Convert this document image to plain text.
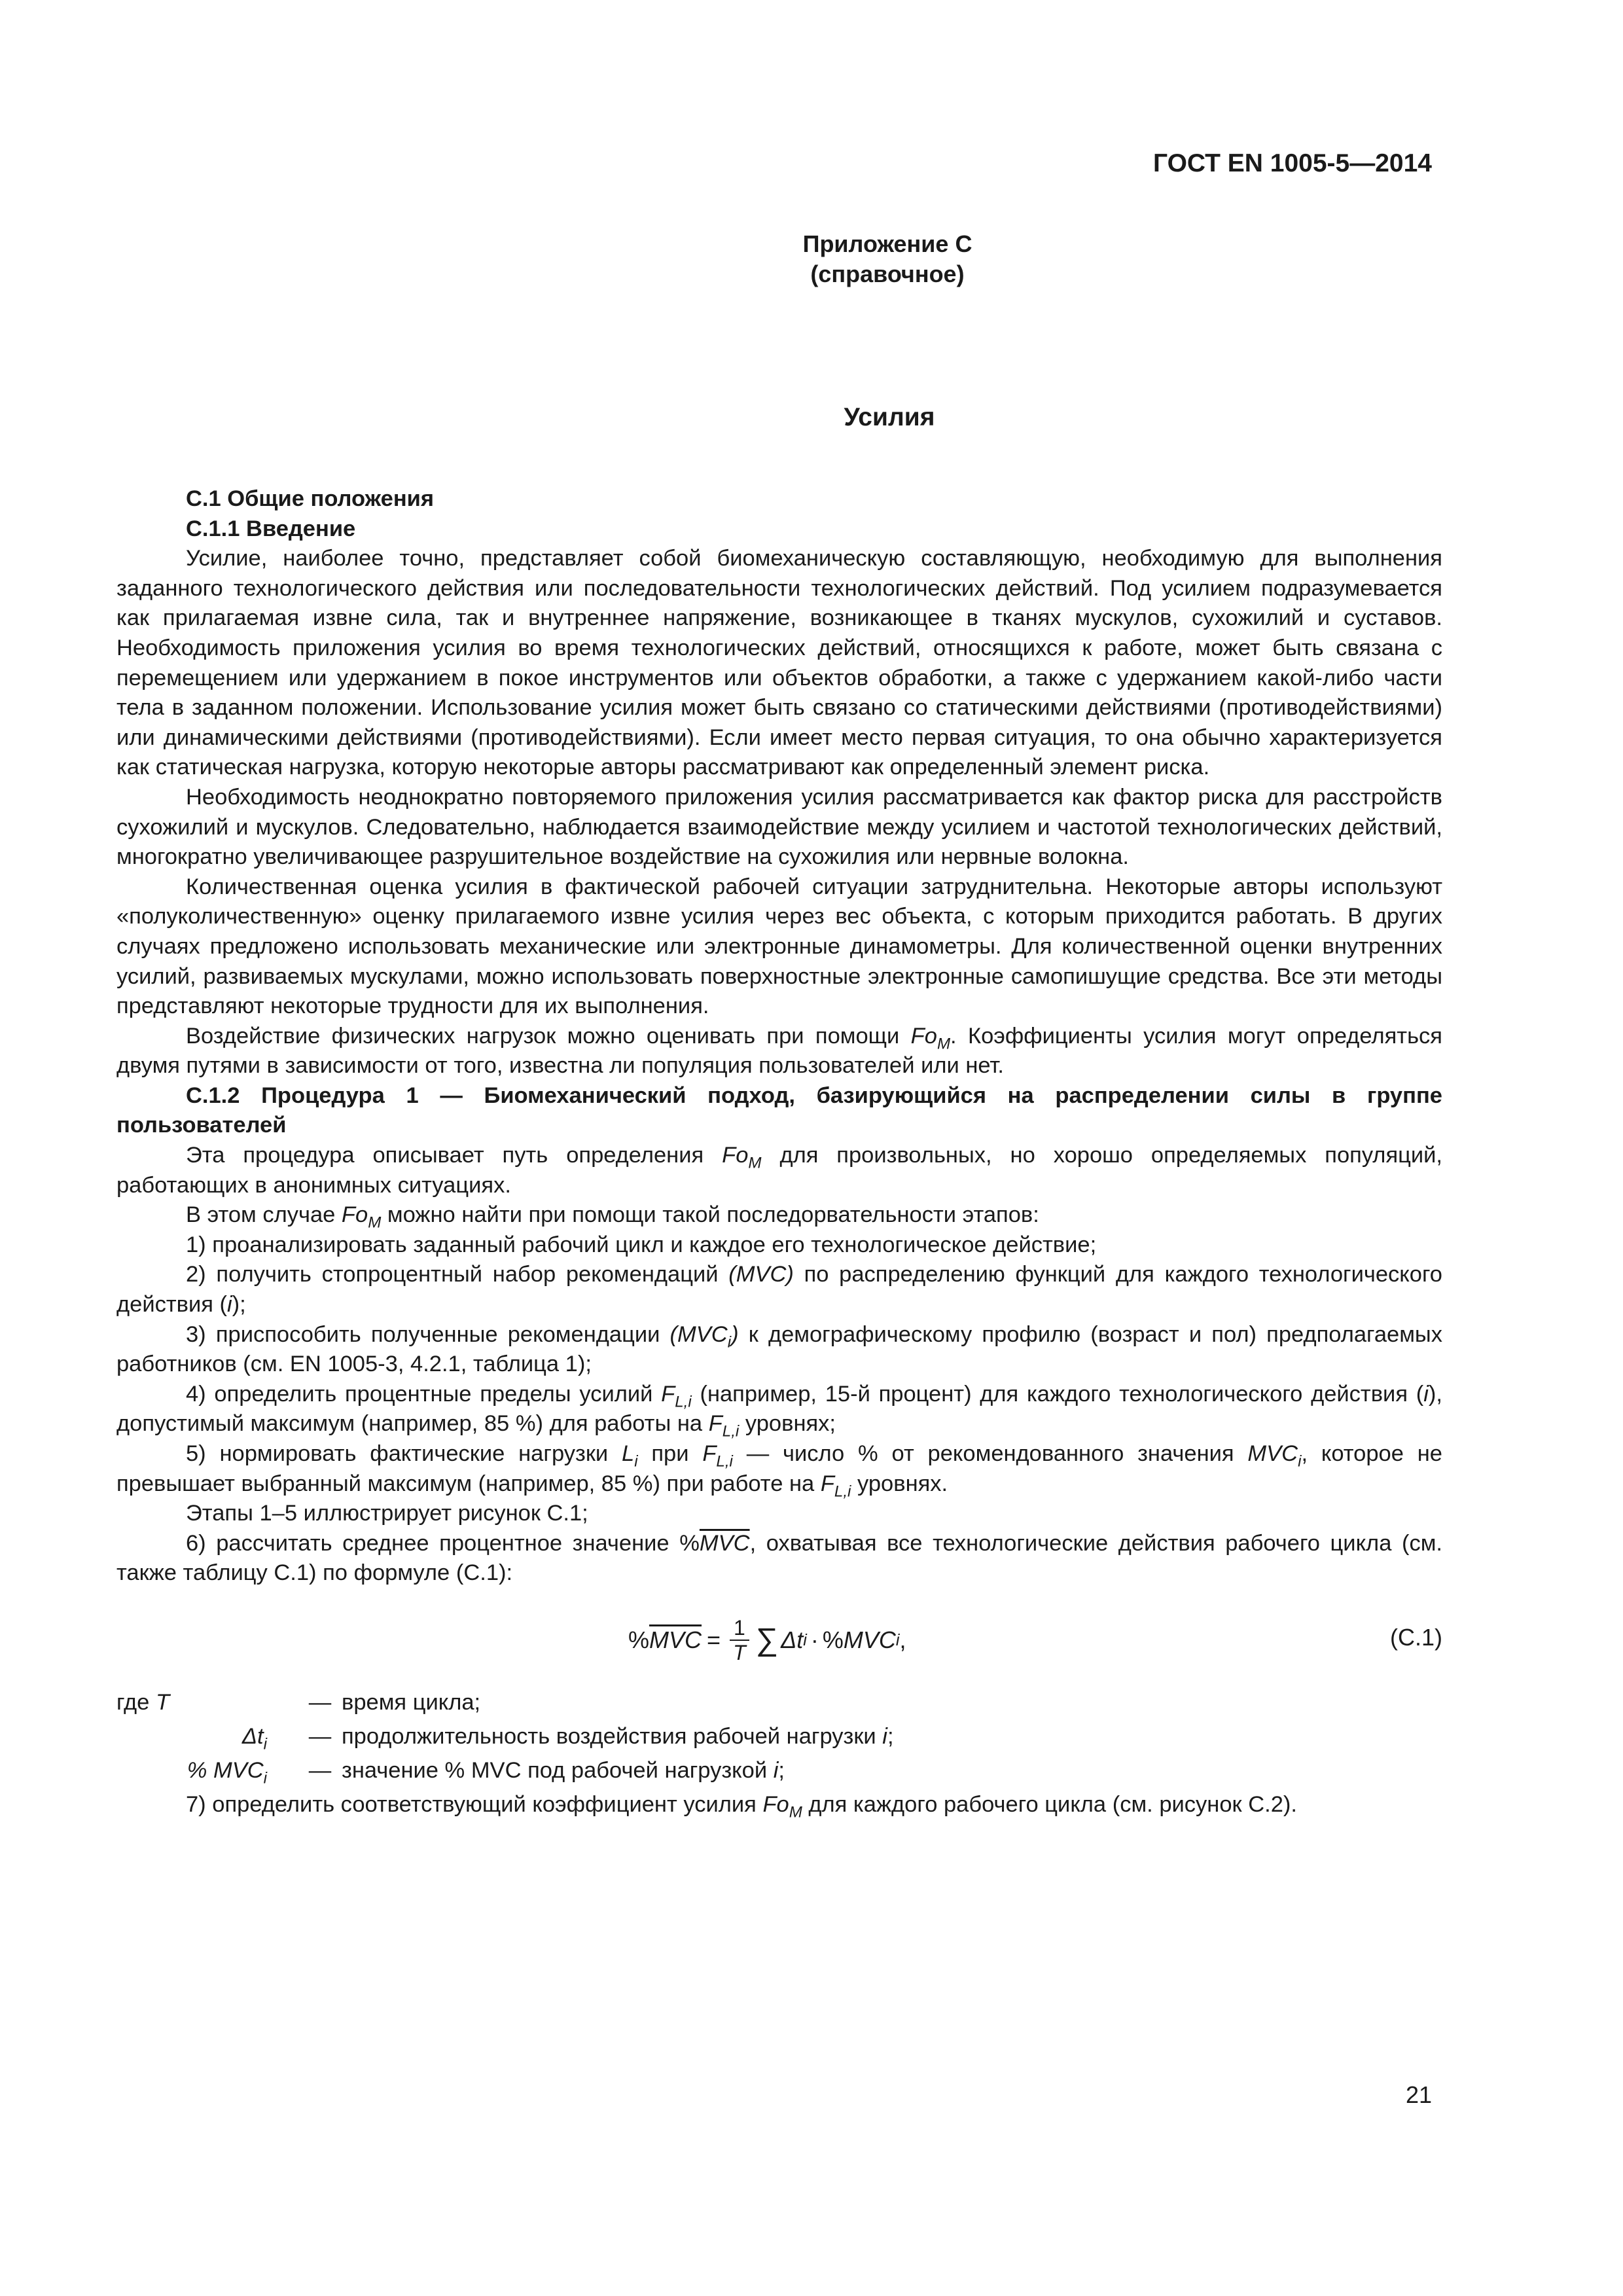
ГОСТ EN 1005-5—2014
Приложение С
(справочное)
Усилия

С.1 Общие положения

С.1.1 Введение

Усилие, наиболее точно, представляет собой биомеханическую составляющую, необходимую для выполнения заданного технологического действия или последовательности технологических действий. Под усилием подразумевается как прилагаемая извне сила, так и внутреннее напряжение, возникающее в тканях мускулов, сухожилий и суставов. Необходимость приложения усилия во время технологических действий, относящихся к работе, может быть связана с перемещением или удержанием в покое инструментов или объектов обработки, а также с удержанием какой-либо части тела в заданном положении. Использование усилия может быть связано со статическими действиями (противодействиями) или динамическими действиями (противодействиями). Если имеет место первая ситуация, то она обычно характеризуется как статическая нагрузка, которую некоторые авторы рассматривают как определенный элемент риска.

Необходимость неоднократно повторяемого приложения усилия рассматривается как фактор риска для расстройств сухожилий и мускулов. Следовательно, наблюдается взаимодействие между усилием и частотой технологических действий, многократно увеличивающее разрушительное воздействие на сухожилия или нервные волокна.

Количественная оценка усилия в фактической рабочей ситуации затруднительна. Некоторые авторы используют «полуколичественную» оценку прилагаемого извне усилия через вес объекта, с которым приходится работать. В других случаях предложено использовать механические или электронные динамометры. Для количественной оценки внутренних усилий, развиваемых мускулами, можно использовать поверхностные электронные самопишущие средства. Все эти методы представляют некоторые трудности для их выполнения.

Воздействие физических нагрузок можно оценивать при помощи $Fo_M$. Коэффициенты усилия могут определяться двумя путями в зависимости от того, известна ли популяция пользователей или нет.

С.1.2 Процедура 1 — Биомеханический подход, базирующийся на распределении силы в группе пользователей

Эта процедура описывает путь определения $Fo_M$ для произвольных, но хорошо определяемых популяций, работающих в анонимных ситуациях.

В этом случае $Fo_M$ можно найти при помощи такой последорвательности этапов:

1) проанализировать заданный рабочий цикл и каждое его технологическое действие;

2) получить стопроцентный набор рекомендаций (MVC) по распределению функций для каждого технологического действия (i);

3) приспособить полученные рекомендации $(MVC_i)$ к демографическому профилю (возраст и пол) предполагаемых работников (см. EN 1005-3, 4.2.1, таблица 1);

4) определить процентные пределы усилий $F_{L,i}$ (например, 15-й процент) для каждого технологического действия (i), допустимый максимум (например, 85 %) для работы на $F_{L,i}$ уровнях;

5) нормировать фактические нагрузки $L_i$ при $F_{L,i}$ — число % от рекомендованного значения $MVC_i$, которое не превышает выбранный максимум (например, 85 %) при работе на $F_{L,i}$ уровнях.

Этапы 1–5 иллюстрирует рисунок С.1;

6) рассчитать среднее процентное значение $\%\overline{MVC}$, охватывая все технологические действия рабочего цикла (см. также таблицу С.1) по формуле (С.1):

% $\overline{MVC} = \frac{1}{T}$ ∑ Δt i · % MVC i ,	(С.1)
где T	— время цикла;
$\Delta t_i$	— продолжительность воздействия рабочей нагрузки i;
% $MVC_i$	— значение % MVC под рабочей нагрузкой i;

7) определить соответствующий коэффициент усилия $Fo_M$ для каждого рабочего цикла (см. рисунок С.2).

21
